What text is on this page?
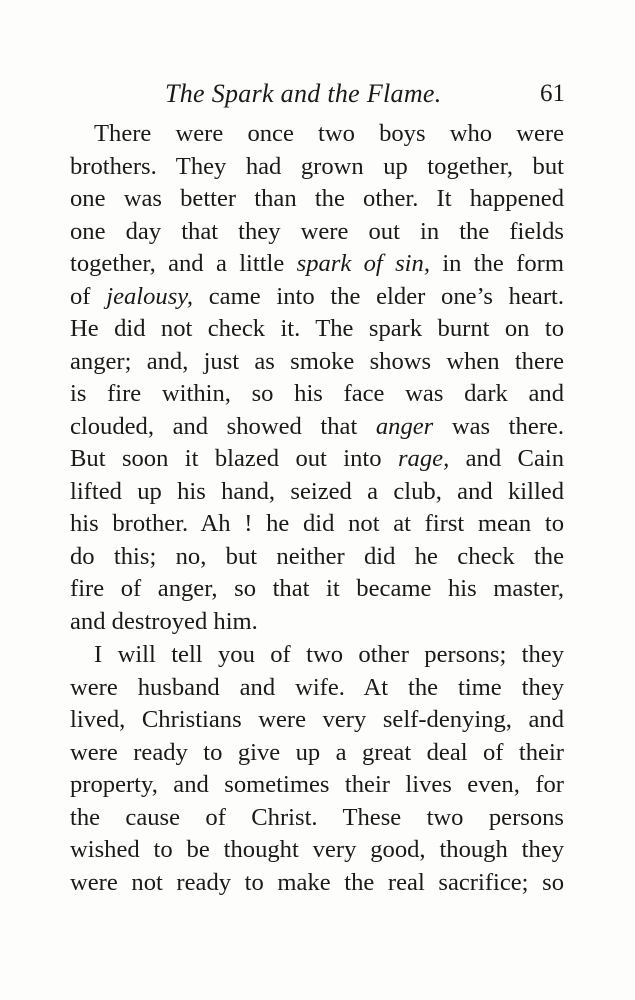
The Spark and the Flame.	61
There were once two boys who were
brothers. They had grown up together, but
one was better than the other. It happened
one day that they were out in the fields
together, and a little spark of sin, in the form
of jealousy, came into the elder one’s heart.
He did not check it. The spark burnt on to
anger; and, just as smoke shows when there
is fire within, so his face was dark and
clouded, and showed that anger was there.
But soon it blazed out into rage, and Cain
lifted up his hand, seized a club, and killed
his brother. Ah ! he did not at first mean to
do this; no, but neither did he check the
fire of anger, so that it became his master,
and destroyed him.
I will tell you of two other persons; they
were husband and wife. At the time they
lived, Christians were very self-denying, and
were ready to give up a great deal of their
property, and sometimes their lives even, for
the cause of Christ. These two persons
wished to be thought very good, though they
were not ready to make the real sacrifice; so
